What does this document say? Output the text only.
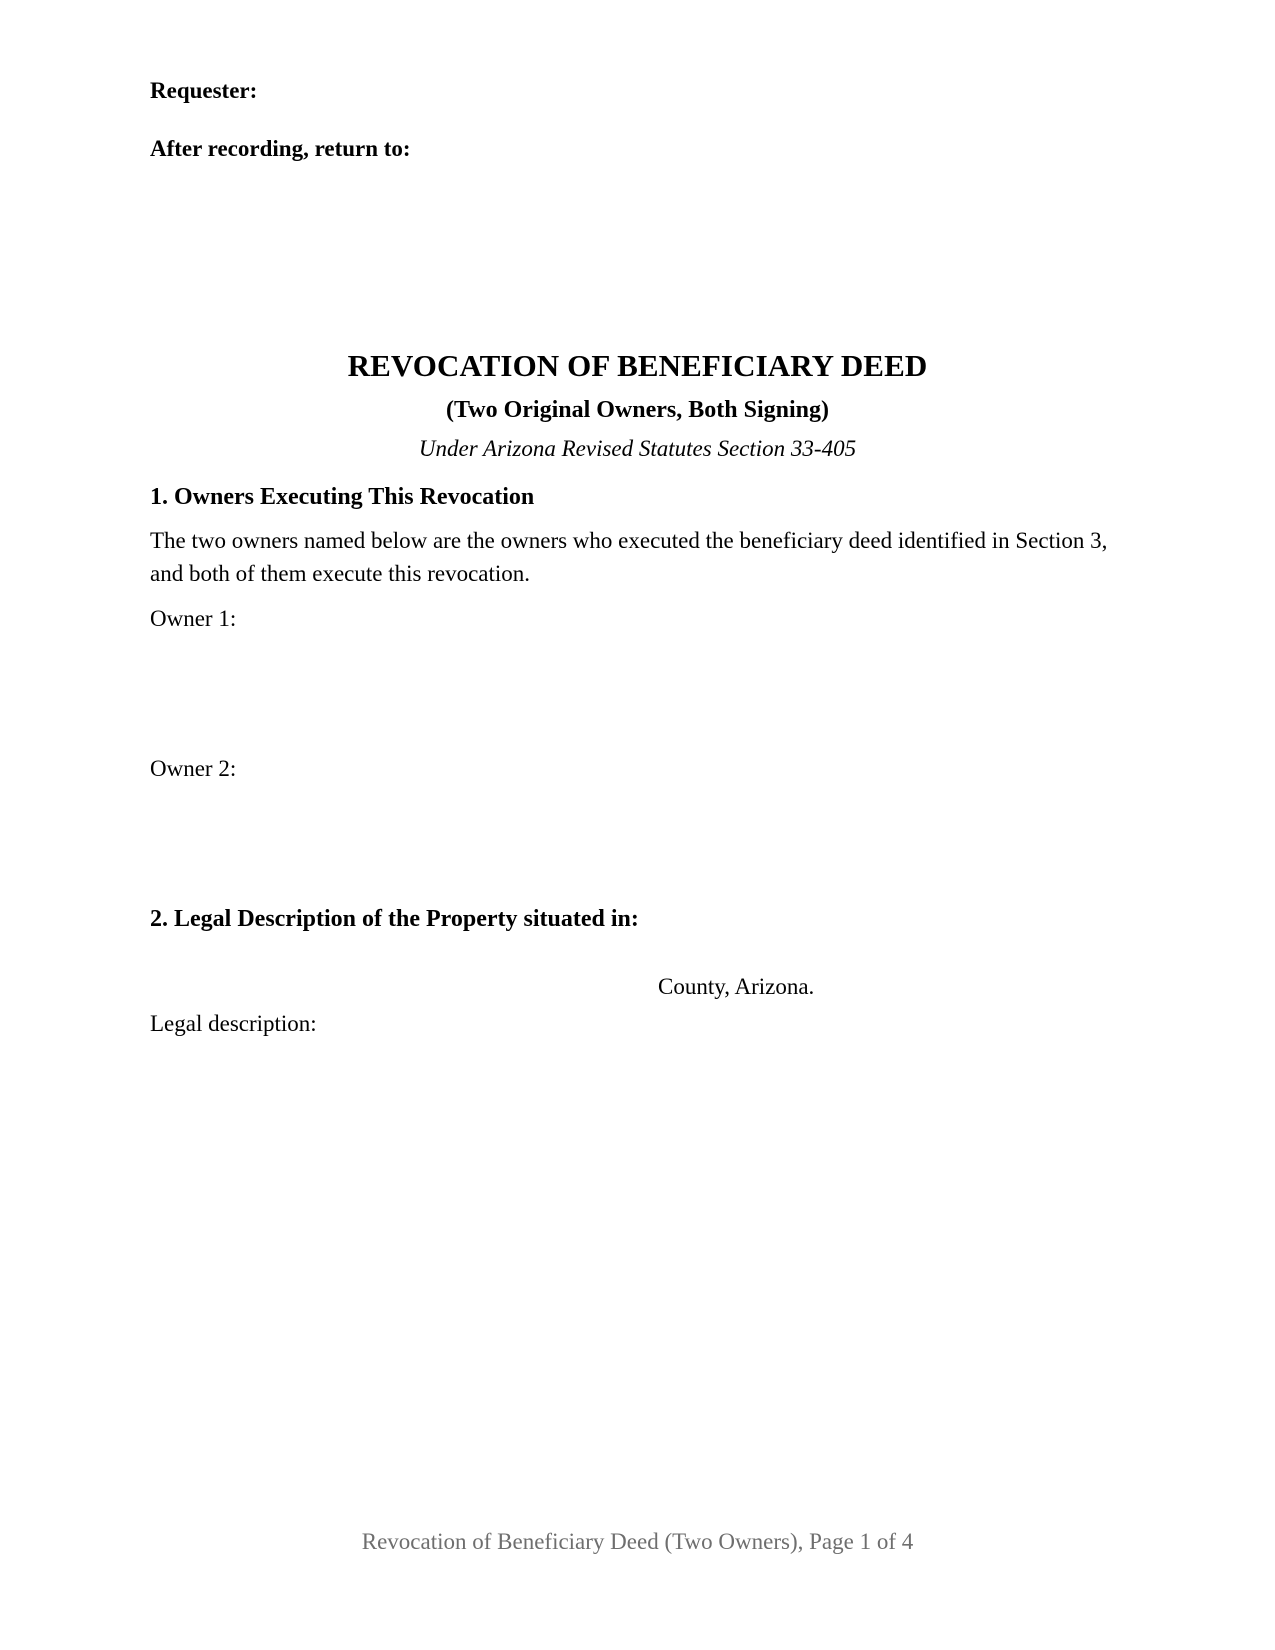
Requester:
After recording, return to:
REVOCATION OF BENEFICIARY DEED
(Two Original Owners, Both Signing)
Under Arizona Revised Statutes Section 33-405
1. Owners Executing This Revocation
The two owners named below are the owners who executed the beneficiary deed identified in Section 3, and both of them execute this revocation.
Owner 1:
Owner 2:
2. Legal Description of the Property situated in:
County, Arizona.
Legal description:
Revocation of Beneficiary Deed (Two Owners), Page 1 of 4
